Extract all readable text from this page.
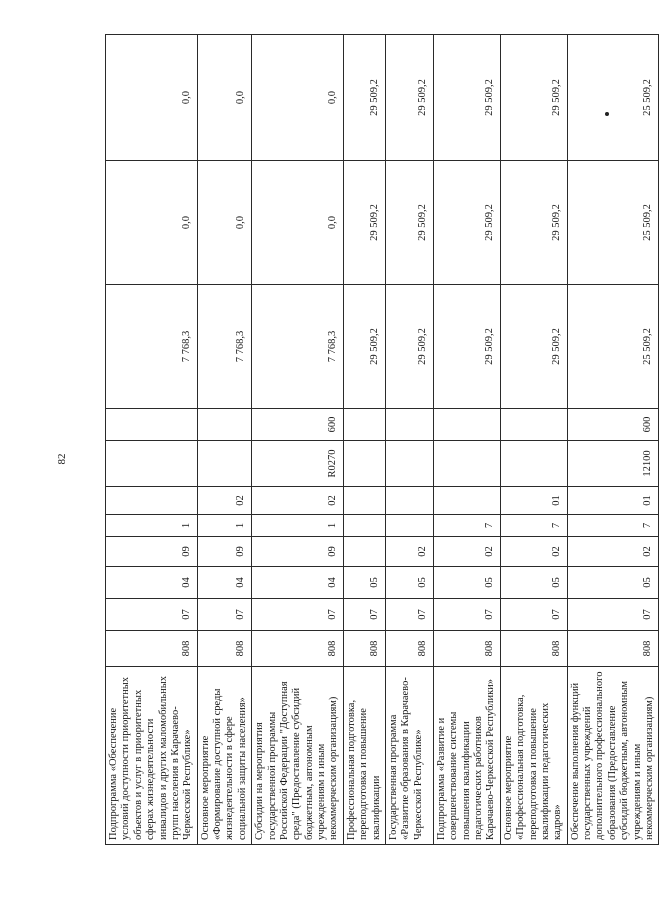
82
Подпрограмма «Обеспечение условий доступности приоритетных объектов и услуг в приоритетных сферах жизнедеятельности инвалидов и других маломобильных групп населения в Карачаево-Черкесской Республике»	808	07	04	09	1				7 768,3	0,0	0,0
Основное мероприятие «Формирование доступной среды жизнедеятельности в сфере социальной защиты населения»	808	07	04	09	1	02			7 768,3	0,0	0,0
Субсидии на мероприятия государственной программы Российской Федерации "Доступная среда" (Предоставление субсидий бюджетным, автономным учреждениям и иным некоммерческим организациям)	808	07	04	09	1	02	R0270	600	7 768,3	0,0	0,0
Профессиональная подготовка, переподготовка и повышение квалификации	808	07	05						29 509,2	29 509,2	29 509,2
Государственная программа «Развитие образования в Карачаево-Черкесской Республике»	808	07	05	02					29 509,2	29 509,2	29 509,2
Подпрограмма «Развитие и совершенствование системы повышения квалификации педагогических работников Карачаево-Черкесской Республики»	808	07	05	02	7				29 509,2	29 509,2	29 509,2
Основное мероприятие «Профессиональная подготовка, переподготовка и повышение квалификации педагогических кадров»	808	07	05	02	7	01			29 509,2	29 509,2	29 509,2
Обеспечение выполнения функций государственных учреждений дополнительного профессионального образования (Предоставление субсидий бюджетным, автономным учреждениям и иным некоммерческим организациям)	808	07	05	02	7	01	12100	600	25 509,2	25 509,2	25 509,2
